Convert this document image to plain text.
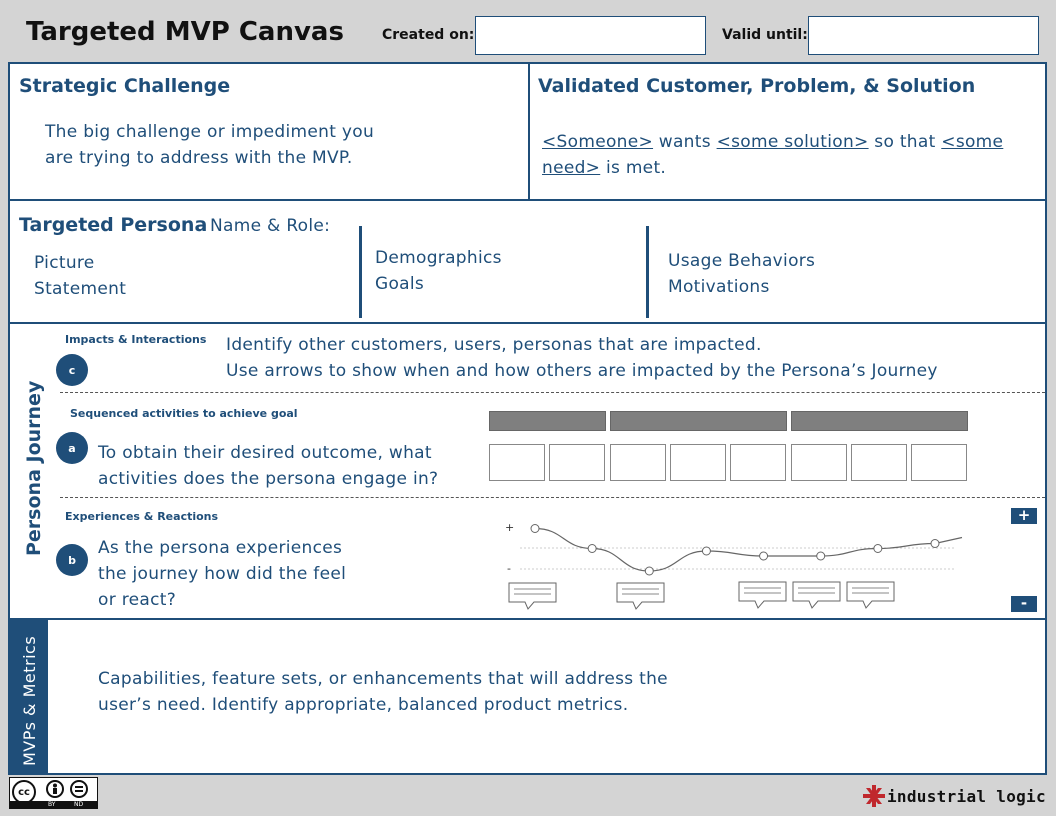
Targeted MVP Canvas	Created on:	Valid until:
Strategic Challenge
The big challenge or impediment you
are trying to address with the MVP.
Validated Customer, Problem, & Solution
<Someone> wants <some solution> so that <some
need> is met.
Targeted Persona Name & Role:
Picture
Statement
Demographics
Goals
Usage Behaviors
Motivations
Persona Journey
Impacts & Interactions
c
Identify other customers, users, personas that are impacted.
Use arrows to show when and how others are impacted by the Persona’s Journey
Sequenced activities to achieve goal
a	To obtain their desired outcome, what
activities does the persona engage in?
Experiences & Reactions
b
As the persona experiences
the journey how did the feel
or react?
+
-
+
-
MVPs & Metrics	Capabilities, feature sets, or enhancements that will address the
user’s need. Identify appropriate, balanced product metrics.
cc
BY	ND	industrial logic
